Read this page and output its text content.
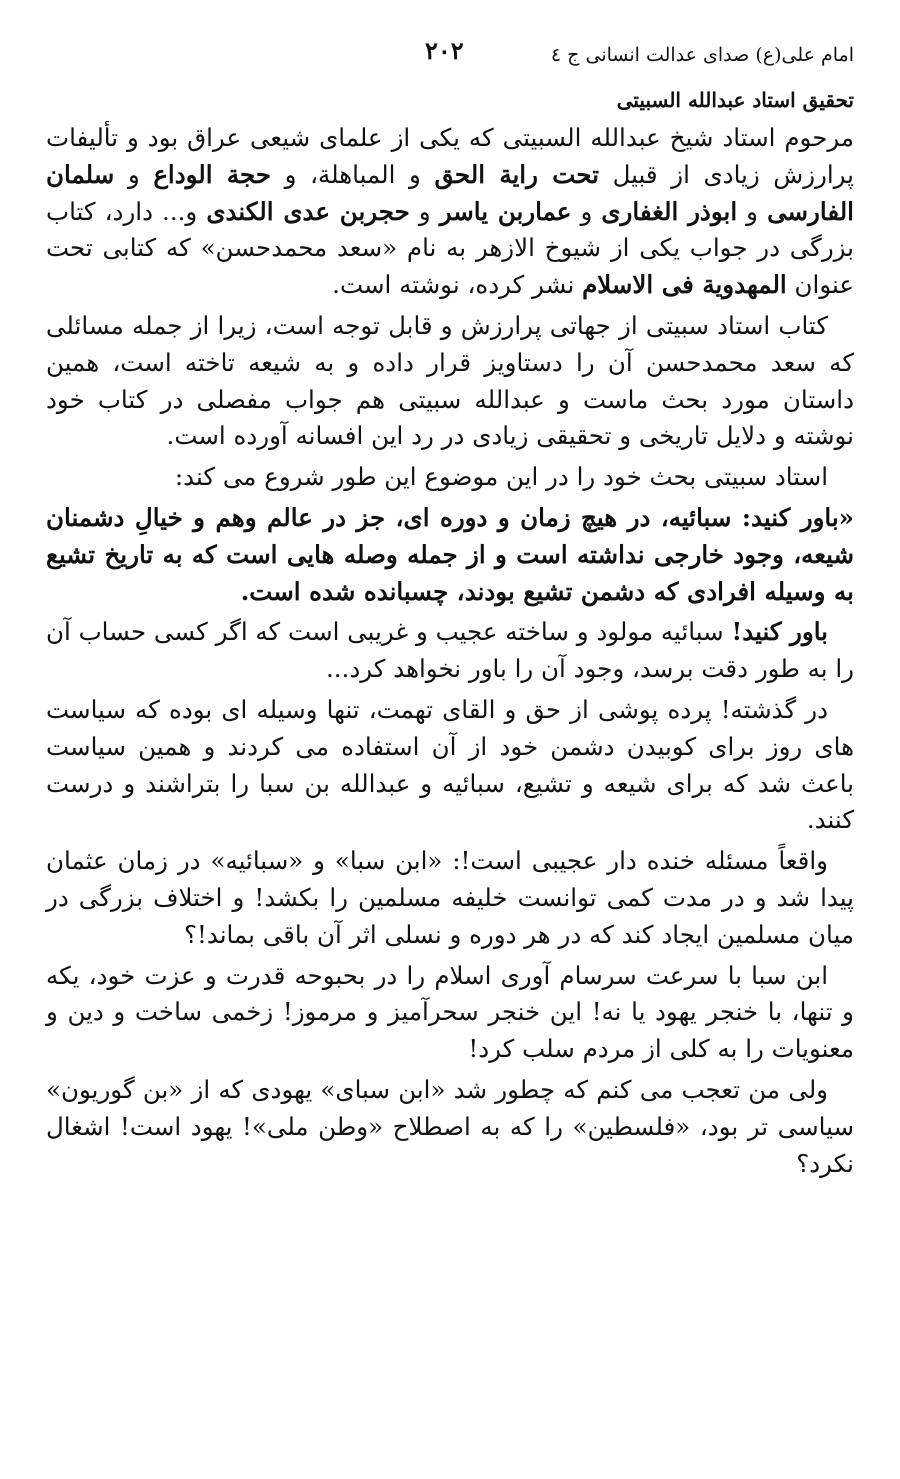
امام علی(ع) صدای عدالت انسانی ج ٤
٢٠٢
تحقیق استاد عبدالله السبیتی

مرحوم استاد شیخ عبدالله السبیتی که یکی از علمای شیعی عراق بود و تألیفات پرارزش زیادی از قبیل تحت رایة الحق و المباهلة، و حجة الوداع و سلمان الفارسی و ابوذر الغفاری و عماربن یاسر و حجربن عدی الکندی و... دارد، کتاب بزرگی در جواب یکی از شیوخ الازهر به نام «سعد محمدحسن» که کتابی تحت عنوان المهدویة فی الاسلام نشر کرده، نوشته است.

کتاب استاد سبیتی از جهاتی پرارزش و قابل توجه است، زیرا از جمله مسائلی که سعد محمدحسن آن را دستاویز قرار داده و به شیعه تاخته است، همین داستان مورد بحث ماست و عبدالله سبیتی هم جواب مفصلی در کتاب خود نوشته و دلایل تاریخی و تحقیقی زیادی در رد این افسانه آورده است.

استاد سبیتی بحث خود را در این موضوع این طور شروع می کند:

«باور کنید: سبائیه، در هیچ زمان و دوره ای، جز در عالم وهم و خیالِ دشمنان شیعه، وجود خارجی نداشته است و از جمله وصله هایی است که به تاریخ تشیع به وسیله افرادی که دشمن تشیع بودند، چسبانده شده است.

باور کنید! سبائیه مولود و ساخته عجیب و غریبی است که اگر کسی حساب آن را به طور دقت برسد، وجود آن را باور نخواهد کرد...

در گذشته! پرده پوشی از حق و القای تهمت، تنها وسیله ای بوده که سیاست های روز برای کوبیدن دشمن خود از آن استفاده می کردند و همین سیاست باعث شد که برای شیعه و تشیع، سبائیه و عبدالله بن سبا را بتراشند و درست کنند.

واقعاً مسئله خنده دار عجیبی است!: «ابن سبا» و «سبائیه» در زمان عثمان پیدا شد و در مدت کمی توانست خلیفه مسلمین را بکشد! و اختلاف بزرگی در میان مسلمین ایجاد کند که در هر دوره و نسلی اثر آن باقی بماند!؟

ابن سبا با سرعت سرسام آوری اسلام را در بحبوحه قدرت و عزت خود، یکه و تنها، با خنجر یهود یا نه! این خنجر سحرآمیز و مرموز! زخمی ساخت و دین و معنویات را به کلی از مردم سلب کرد!

ولی من تعجب می کنم که چطور شد «ابن سبای» یهودی که از «بن گوریون» سیاسی تر بود، «فلسطین» را که به اصطلاح «وطن ملی»! یهود است! اشغال نکرد؟
